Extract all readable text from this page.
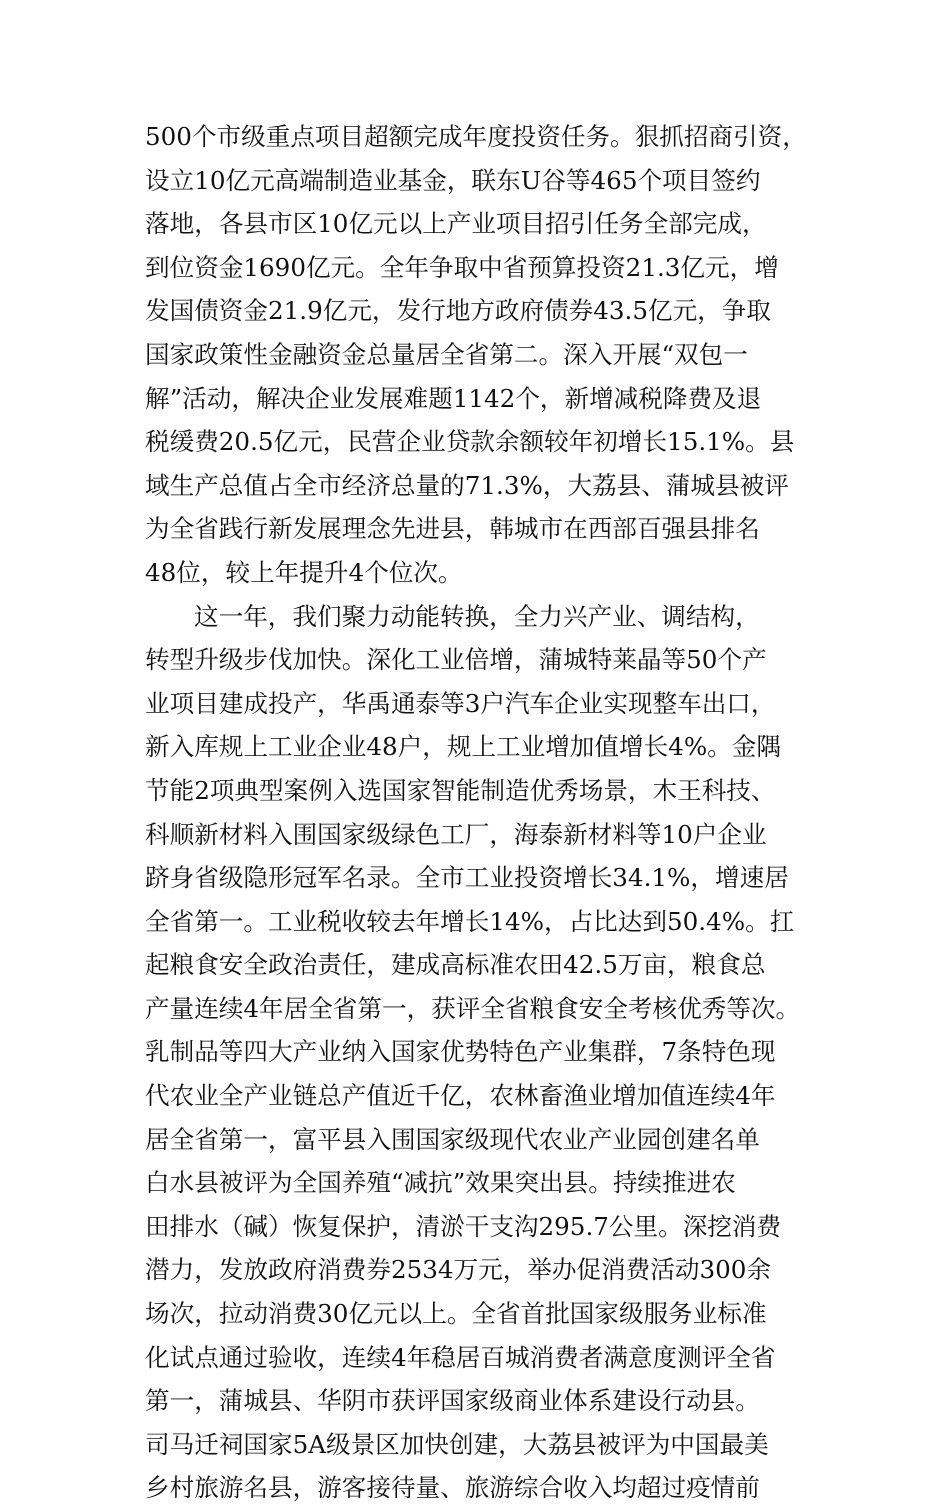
500个市级重点项目超额完成年度投资任务。狠抓招商引资，
设立10亿元高端制造业基金，联东U谷等465个项目签约
落地，各县市区10亿元以上产业项目招引任务全部完成，
到位资金1690亿元。全年争取中省预算投资21.3亿元，增
发国债资金21.9亿元，发行地方政府债券43.5亿元，争取
国家政策性金融资金总量居全省第二。深入开展“双包一
解”活动，解决企业发展难题1142个，新增减税降费及退
税缓费20.5亿元，民营企业贷款余额较年初增长15.1%。县
域生产总值占全市经济总量的71.3%，大荔县、蒲城县被评
为全省践行新发展理念先进县，韩城市在西部百强县排名
48位，较上年提升4个位次。
这一年，我们聚力动能转换，全力兴产业、调结构，
转型升级步伐加快。深化工业倍增，蒲城特莱晶等50个产
业项目建成投产，华禹通泰等3户汽车企业实现整车出口，
新入库规上工业企业48户，规上工业增加值增长4%。金隅
节能2项典型案例入选国家智能制造优秀场景，木王科技、
科顺新材料入围国家级绿色工厂，海泰新材料等10户企业
跻身省级隐形冠军名录。全市工业投资增长34.1%，增速居
全省第一。工业税收较去年增长14%，占比达到50.4%。扛
起粮食安全政治责任，建成高标准农田42.5万亩，粮食总
产量连续4年居全省第一，获评全省粮食安全考核优秀等次。
乳制品等四大产业纳入国家优势特色产业集群，7条特色现
代农业全产业链总产值近千亿，农林畜渔业增加值连续4年
居全省第一，富平县入围国家级现代农业产业园创建名单
白水县被评为全国养殖“减抗”效果突出县。持续推进农
田排水（碱）恢复保护，清淤干支沟295.7公里。深挖消费
潜力，发放政府消费券2534万元，举办促消费活动300余
场次，拉动消费30亿元以上。全省首批国家级服务业标准
化试点通过验收，连续4年稳居百城消费者满意度测评全省
第一，蒲城县、华阴市获评国家级商业体系建设行动县。
司马迁祠国家5A级景区加快创建，大荔县被评为中国最美
乡村旅游名县，游客接待量、旅游综合收入均超过疫情前
